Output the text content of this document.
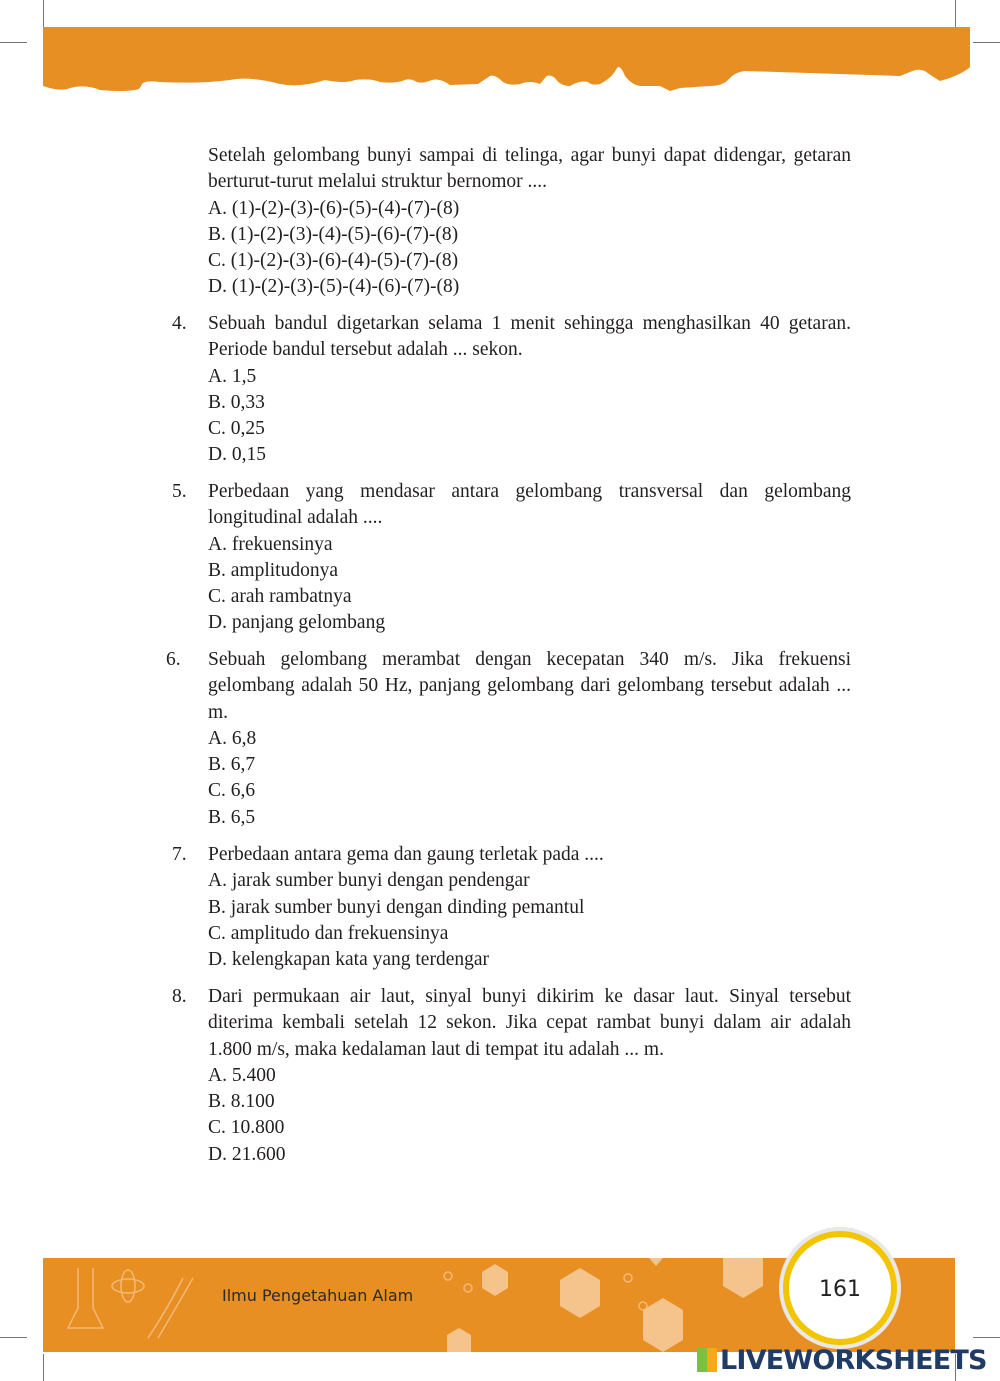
Setelah gelombang bunyi sampai di telinga, agar bunyi dapat didengar, getaran berturut-turut melalui struktur bernomor ....
A. (1)-(2)-(3)-(6)-(5)-(4)-(7)-(8)
B. (1)-(2)-(3)-(4)-(5)-(6)-(7)-(8)
C. (1)-(2)-(3)-(6)-(4)-(5)-(7)-(8)
D. (1)-(2)-(3)-(5)-(4)-(6)-(7)-(8)
4. Sebuah bandul digetarkan selama 1 menit sehingga menghasilkan 40 getaran. Periode bandul tersebut adalah ... sekon.
A. 1,5
B. 0,33
C. 0,25
D. 0,15
5. Perbedaan yang mendasar antara gelombang transversal dan gelombang longitudinal adalah ....
A. frekuensinya
B. amplitudonya
C. arah rambatnya
D. panjang gelombang
6. Sebuah gelombang merambat dengan kecepatan 340 m/s. Jika frekuensi gelombang adalah 50 Hz, panjang gelombang dari gelombang tersebut adalah ... m.
A. 6,8
B. 6,7
C. 6,6
B. 6,5
7. Perbedaan antara gema dan gaung terletak pada ....
A. jarak sumber bunyi dengan pendengar
B. jarak sumber bunyi dengan dinding pemantul
C. amplitudo dan frekuensinya
D. kelengkapan kata yang terdengar
8. Dari permukaan air laut, sinyal bunyi dikirim ke dasar laut. Sinyal tersebut diterima kembali setelah 12 sekon. Jika cepat rambat bunyi dalam air adalah 1.800 m/s, maka kedalaman laut di tempat itu adalah ... m.
A. 5.400
B. 8.100
C. 10.800
D. 21.600
Ilmu Pengetahuan Alam	161
LIVEWORKSHEETS
